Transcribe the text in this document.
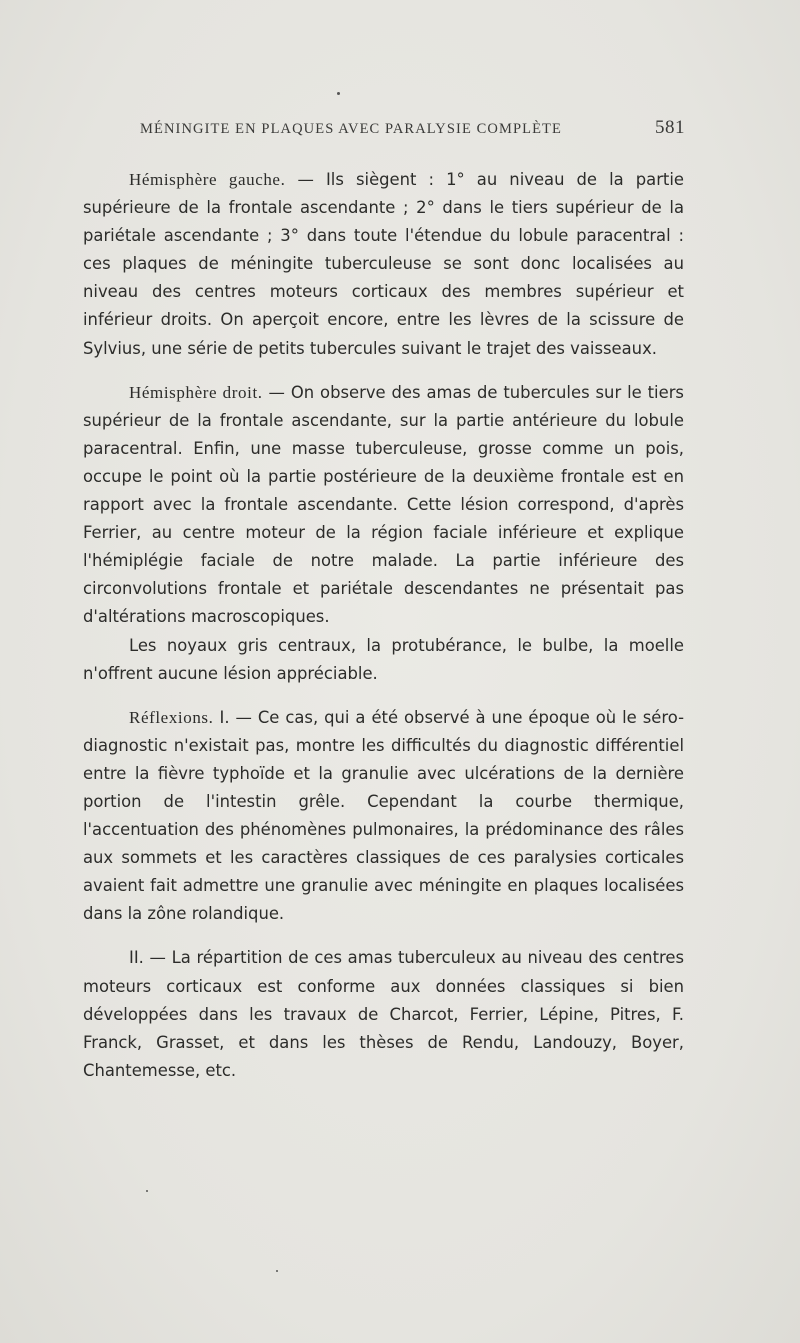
MÉNINGITE EN PLAQUES AVEC PARALYSIE COMPLÈTE	581

Hémisphère gauche. — Ils siègent : 1° au niveau de la partie supérieure de la frontale ascendante ; 2° dans le tiers supérieur de la pariétale ascendante ; 3° dans toute l'étendue du lobule paracentral : ces plaques de méningite tuberculeuse se sont donc localisées au niveau des centres moteurs corticaux des membres supérieur et inférieur droits. On aperçoit encore, entre les lèvres de la scissure de Sylvius, une série de petits tubercules suivant le trajet des vaisseaux.

Hémisphère droit. — On observe des amas de tubercules sur le tiers supérieur de la frontale ascendante, sur la partie antérieure du lobule paracentral. Enfin, une masse tuberculeuse, grosse comme un pois, occupe le point où la partie postérieure de la deuxième frontale est en rapport avec la frontale ascendante. Cette lésion correspond, d'après Ferrier, au centre moteur de la région faciale inférieure et explique l'hémiplégie faciale de notre malade. La partie inférieure des circonvolutions frontale et pariétale descendantes ne présentait pas d'altérations macroscopiques.

Les noyaux gris centraux, la protubérance, le bulbe, la moelle n'offrent aucune lésion appréciable.

Réflexions. I. — Ce cas, qui a été observé à une époque où le séro-diagnostic n'existait pas, montre les difficultés du diagnostic différentiel entre la fièvre typhoïde et la granulie avec ulcérations de la dernière portion de l'intestin grêle. Cependant la courbe thermique, l'accentuation des phénomènes pulmonaires, la prédominance des râles aux sommets et les caractères classiques de ces paralysies corticales avaient fait admettre une granulie avec méningite en plaques localisées dans la zône rolandique.

II. — La répartition de ces amas tuberculeux au niveau des centres moteurs corticaux est conforme aux données classiques si bien développées dans les travaux de Charcot, Ferrier, Lépine, Pitres, F. Franck, Grasset, et dans les thèses de Rendu, Landouzy, Boyer, Chantemesse, etc.
